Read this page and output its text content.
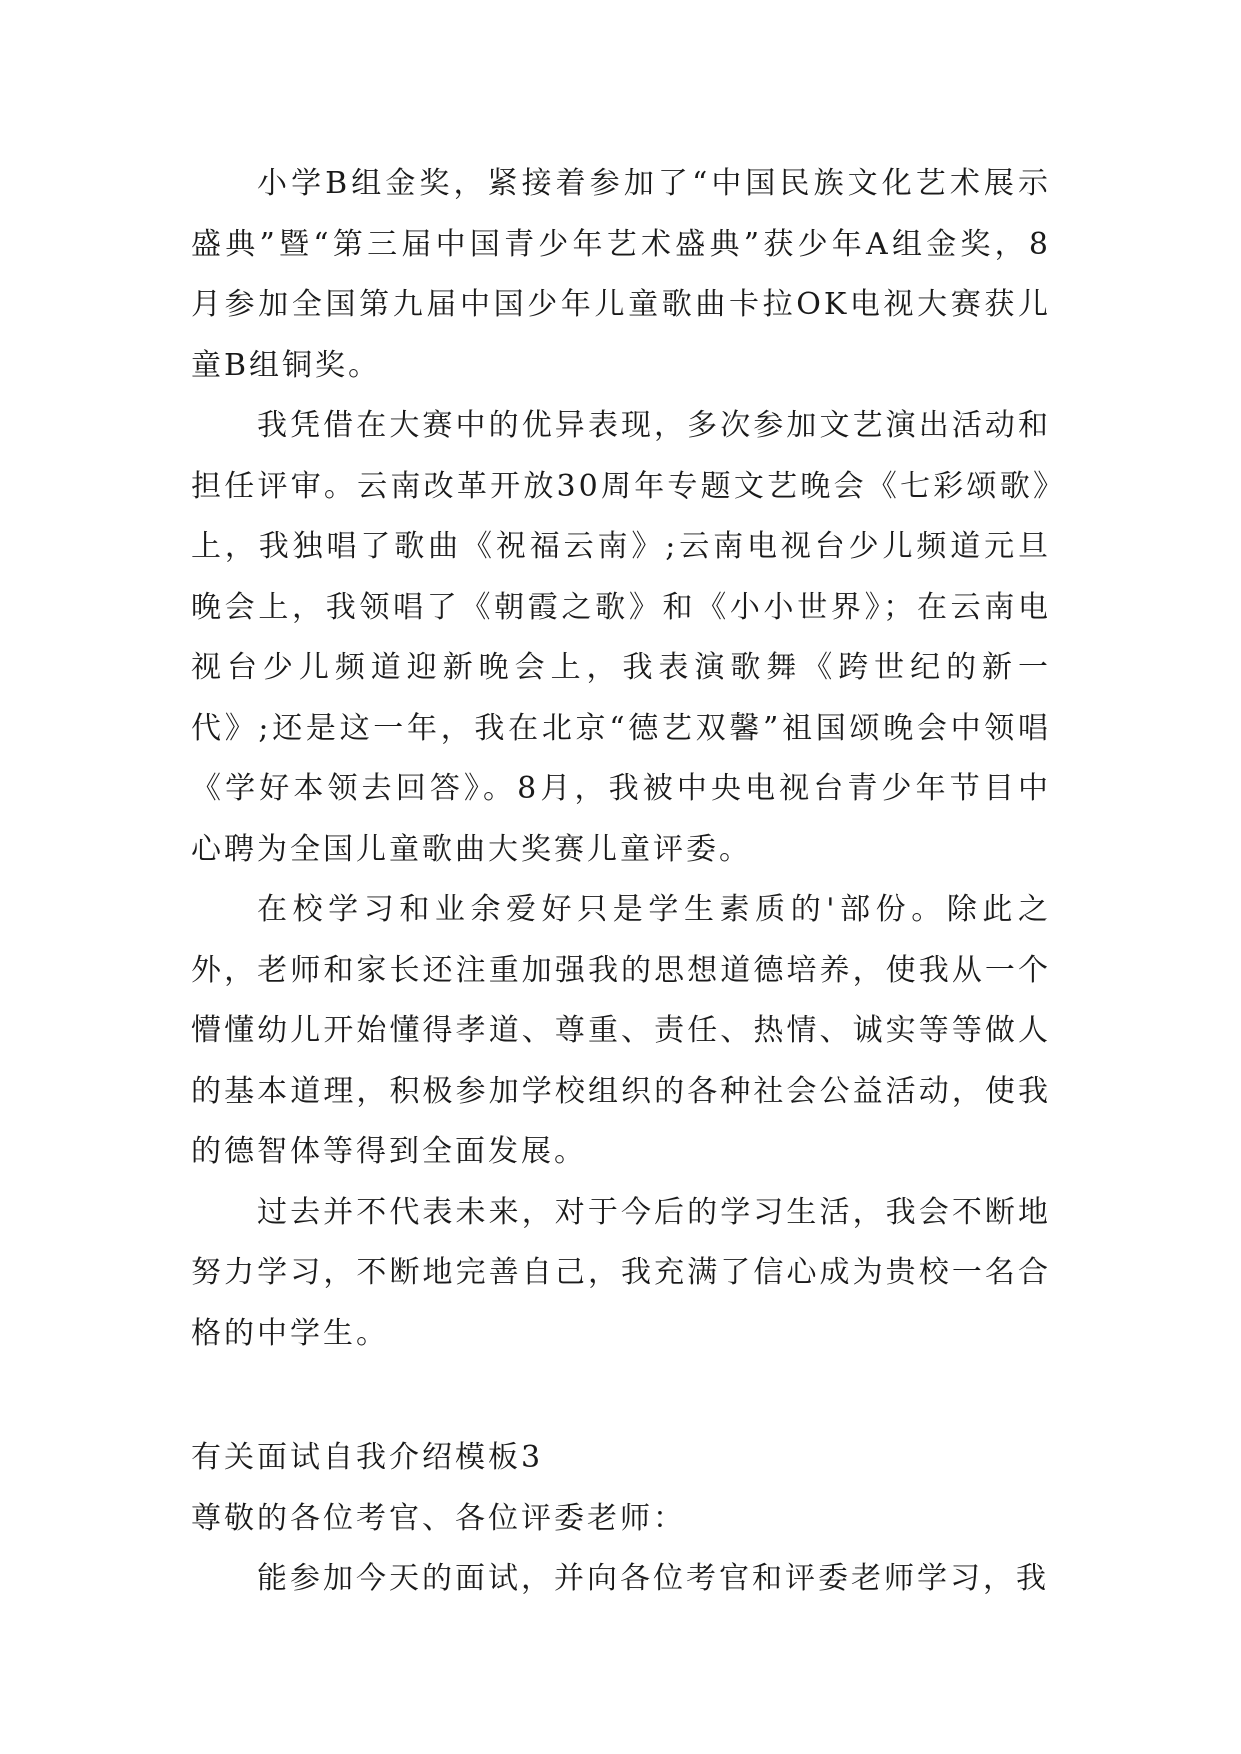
小学B组金奖，紧接着参加了“中国民族文化艺术展示盛典”暨“第三届中国青少年艺术盛典”获少年A组金奖，8月参加全国第九届中国少年儿童歌曲卡拉OK电视大赛获儿童B组铜奖。

我凭借在大赛中的优异表现，多次参加文艺演出活动和担任评审。云南改革开放30周年专题文艺晚会《七彩颂歌》上，我独唱了歌曲《祝福云南》;云南电视台少儿频道元旦晚会上，我领唱了《朝霞之歌》和《小小世界》；在云南电视台少儿频道迎新晚会上，我表演歌舞《跨世纪的新一代》;还是这一年，我在北京“德艺双馨”祖国颂晚会中领唱《学好本领去回答》。8月，我被中央电视台青少年节目中心聘为全国儿童歌曲大奖赛儿童评委。

在校学习和业余爱好只是学生素质的'部份。除此之外，老师和家长还注重加强我的思想道德培养，使我从一个懵懂幼儿开始懂得孝道、尊重、责任、热情、诚实等等做人的基本道理，积极参加学校组织的各种社会公益活动，使我的德智体等得到全面发展。

过去并不代表未来，对于今后的学习生活，我会不断地努力学习，不断地完善自己，我充满了信心成为贵校一名合格的中学生。

有关面试自我介绍模板3

尊敬的各位考官、各位评委老师：

能参加今天的面试，并向各位考官和评委老师学习，我
